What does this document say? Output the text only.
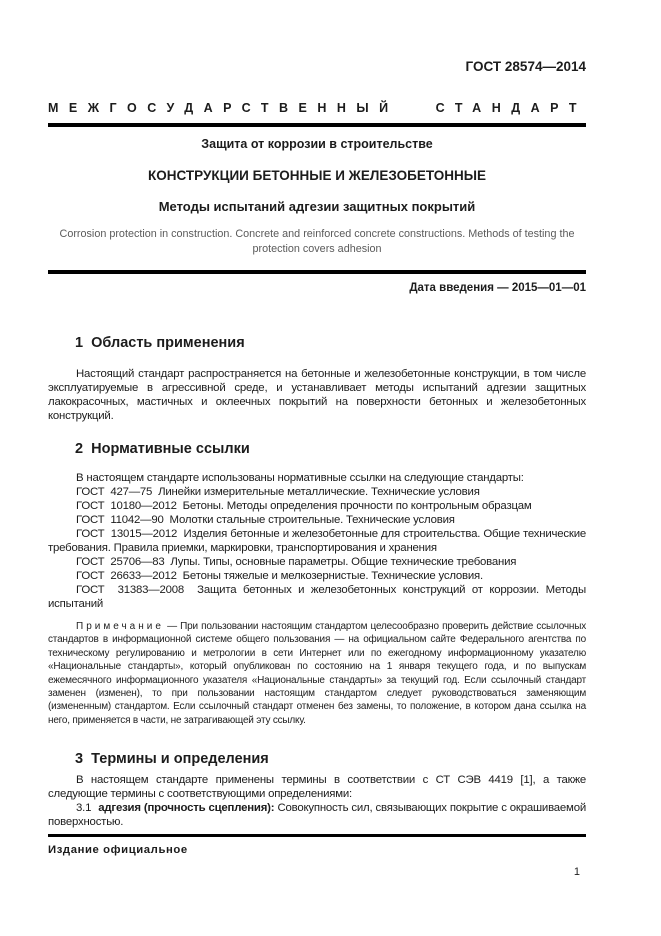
ГОСТ 28574—2014
МЕЖГОСУДАРСТВЕННЫЙ СТАНДАРТ
Защита от коррозии в строительстве
КОНСТРУКЦИИ БЕТОННЫЕ И ЖЕЛЕЗОБЕТОННЫЕ
Методы испытаний адгезии защитных покрытий
Corrosion protection in construction. Concrete and reinforced concrete constructions. Methods of testing the protection covers adhesion
Дата введения — 2015—01—01

1  Область применения

Настоящий стандарт распространяется на бетонные и железобетонные конструкции, в том числе эксплуатируемые в агрессивной среде, и устанавливает методы испытаний адгезии защитных лакокрасочных, мастичных и оклеечных покрытий на поверхности бетонных и железобетонных конструкций.

2  Нормативные ссылки

В настоящем стандарте использованы нормативные ссылки на следующие стандарты:

ГОСТ  427—75  Линейки измерительные металлические. Технические условия

ГОСТ  10180—2012  Бетоны. Методы определения прочности по контрольным образцам

ГОСТ  11042—90  Молотки стальные строительные. Технические условия

ГОСТ  13015—2012  Изделия бетонные и железобетонные для строительства. Общие технические требования. Правила приемки, маркировки, транспортирования и хранения

ГОСТ  25706—83  Лупы. Типы, основные параметры. Общие технические требования

ГОСТ  26633—2012  Бетоны тяжелые и мелкозернистые. Технические условия.

ГОСТ  31383—2008  Защита бетонных и железобетонных конструкций от коррозии. Методы испытаний

Примечание — При пользовании настоящим стандартом целесообразно проверить действие ссылочных стандартов в информационной системе общего пользования — на официальном сайте Федерального агентства по техническому регулированию и метрологии в сети Интернет или по ежегодному информационному указателю «Национальные стандарты», который опубликован по состоянию на 1 января текущего года, и по выпускам ежемесячного информационного указателя «Национальные стандарты» за текущий год. Если ссылочный стандарт заменен (изменен), то при пользовании настоящим стандартом следует руководствоваться заменяющим (измененным) стандартом. Если ссылочный стандарт отменен без замены, то положение, в котором дана ссылка на него, применяется в части, не затрагивающей эту ссылку.

3  Термины и определения

В настоящем стандарте применены термины в соответствии с СТ СЭВ 4419 [1], а также следующие термины с соответствующими определениями:

3.1 адгезия (прочность сцепления): Совокупность сил, связывающих покрытие с окрашиваемой поверхностью.

Издание официальное
1
